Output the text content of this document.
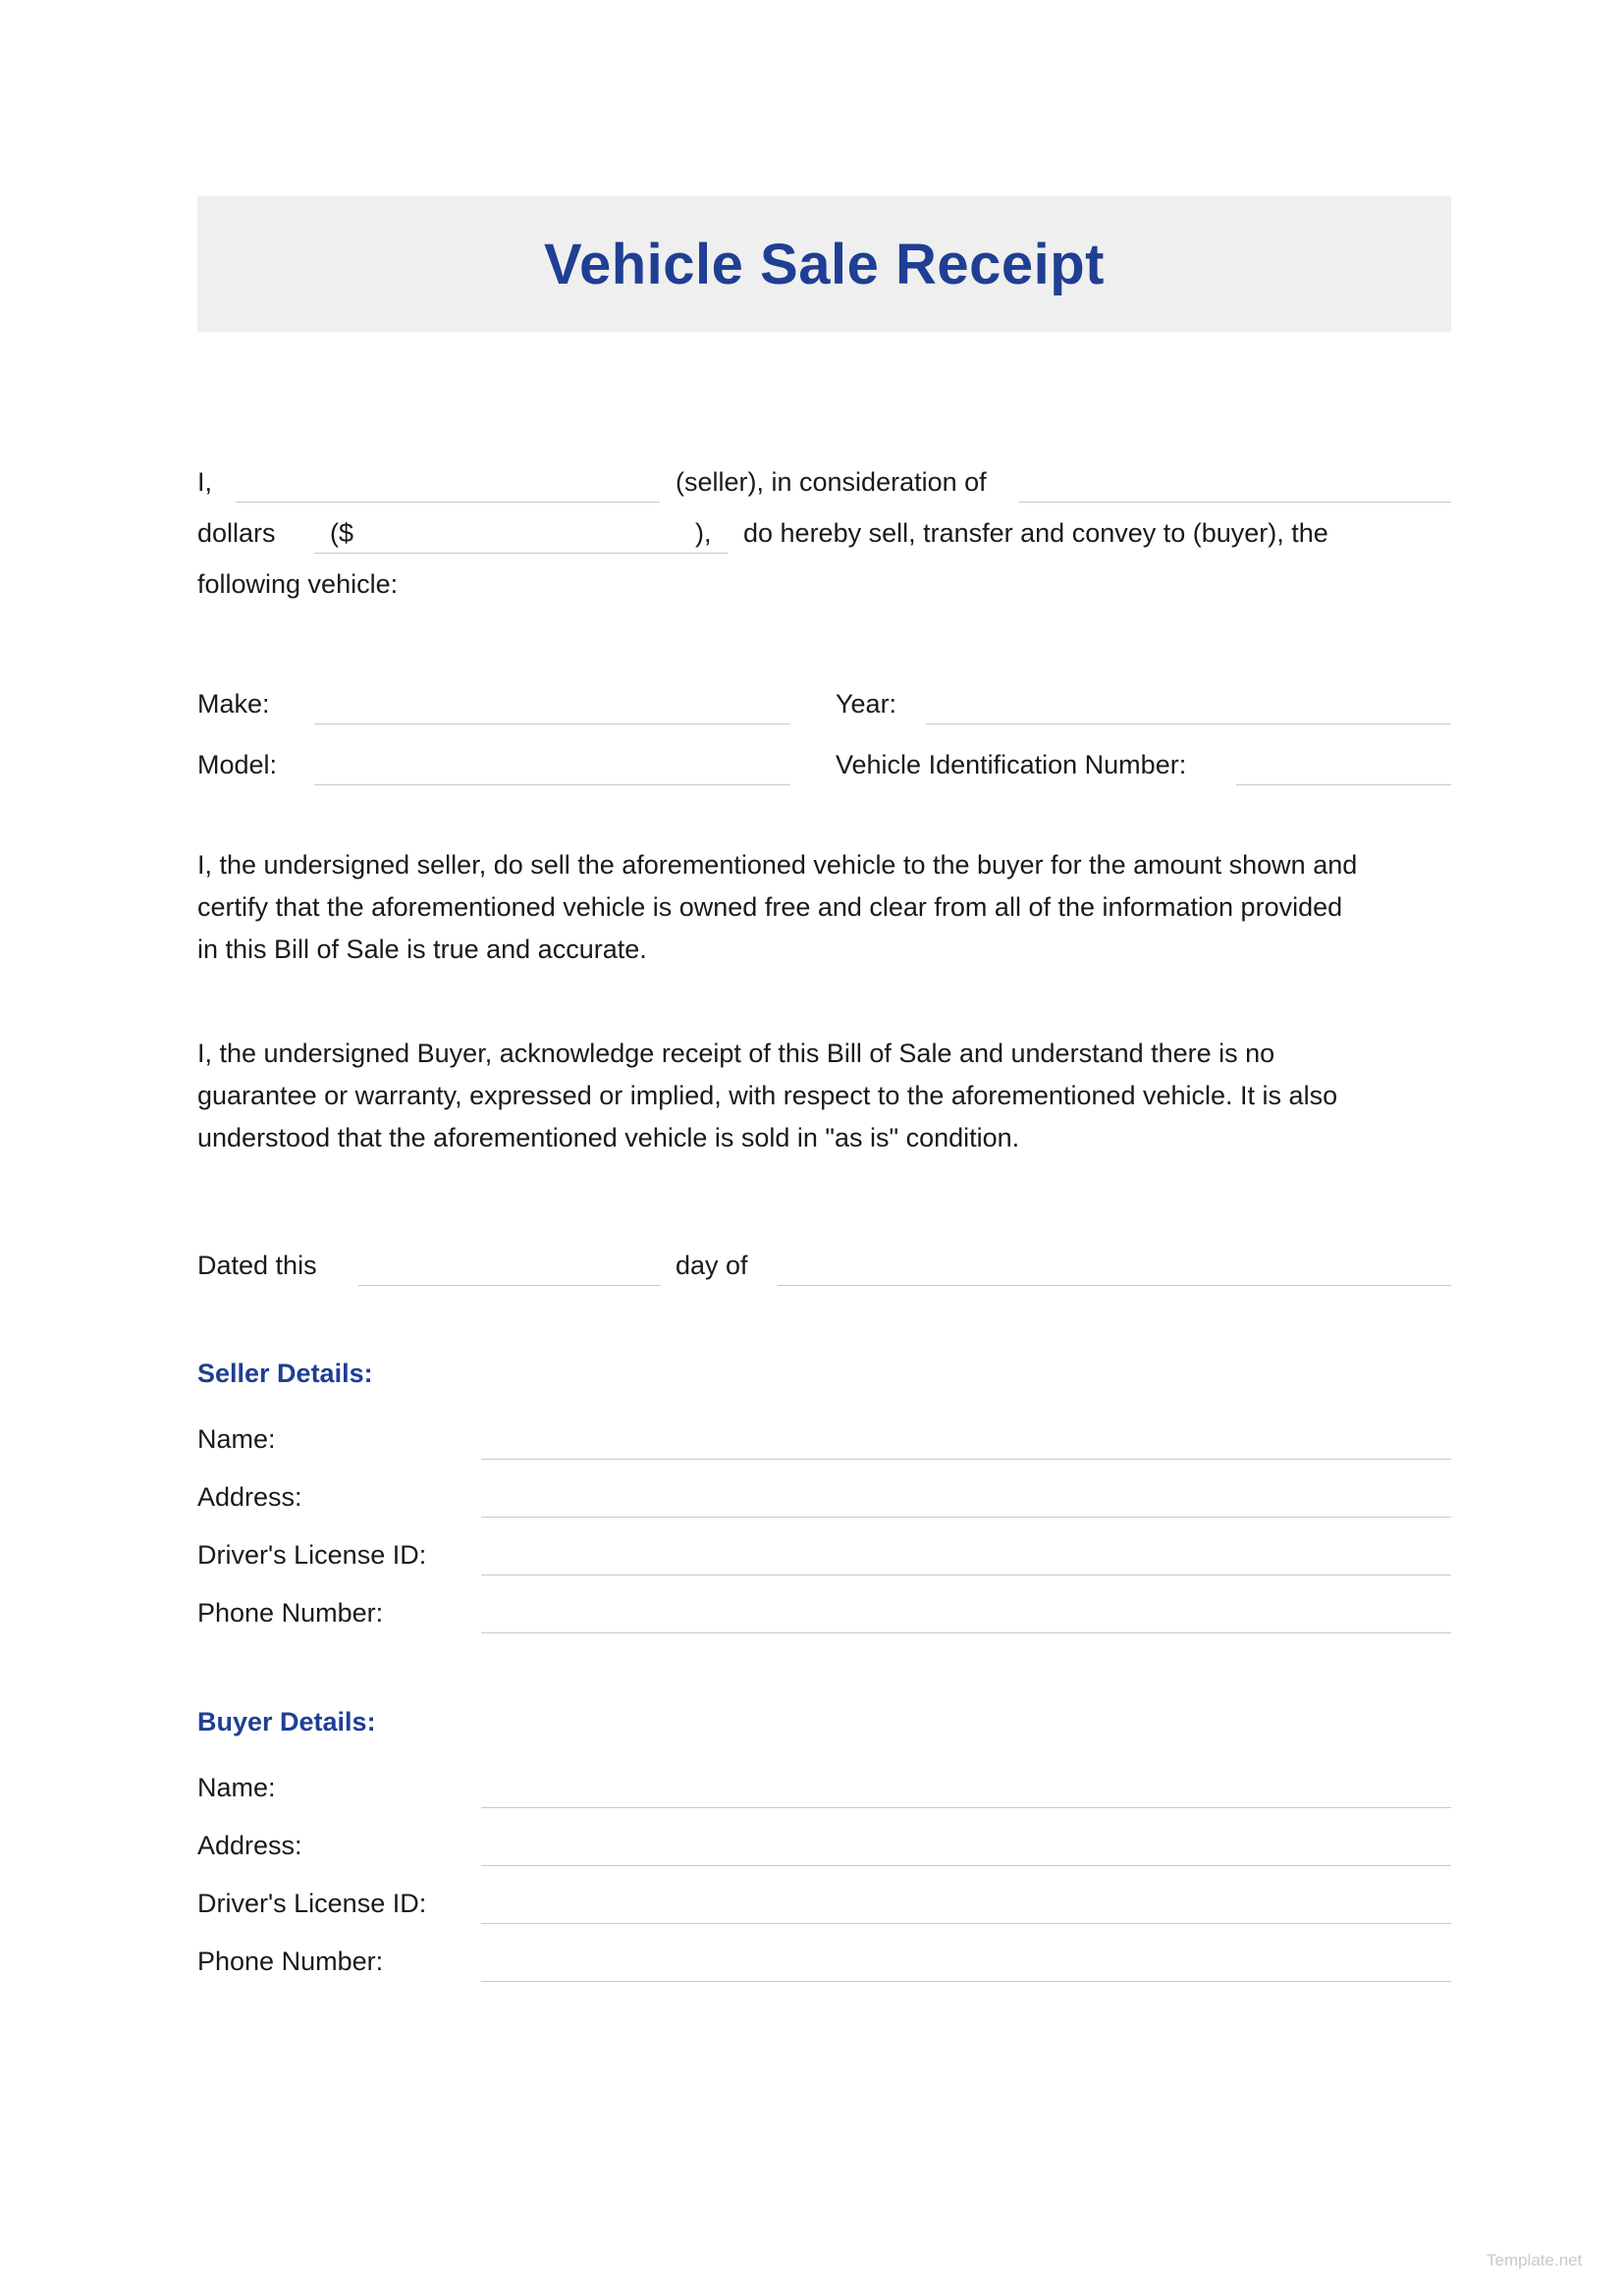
Vehicle Sale Receipt
I,	(seller), in consideration of
dollars ($	), do hereby sell, transfer and convey to (buyer), the
following vehicle:
Make:	Year:
Model:	Vehicle Identification Number:
I, the undersigned seller, do sell the aforementioned vehicle to the buyer for the amount shown and
certify that the aforementioned vehicle is owned free and clear from all of the information provided
in this Bill of Sale is true and accurate.
I, the undersigned Buyer, acknowledge receipt of this Bill of Sale and understand there is no
guarantee or warranty, expressed or implied, with respect to the aforementioned vehicle. It is also
understood that the aforementioned vehicle is sold in "as is" condition.
Dated this	day of
Seller Details:
Name:
Address:
Driver's License ID:
Phone Number:
Buyer Details:
Name:
Address:
Driver's License ID:
Phone Number:
Template.net
